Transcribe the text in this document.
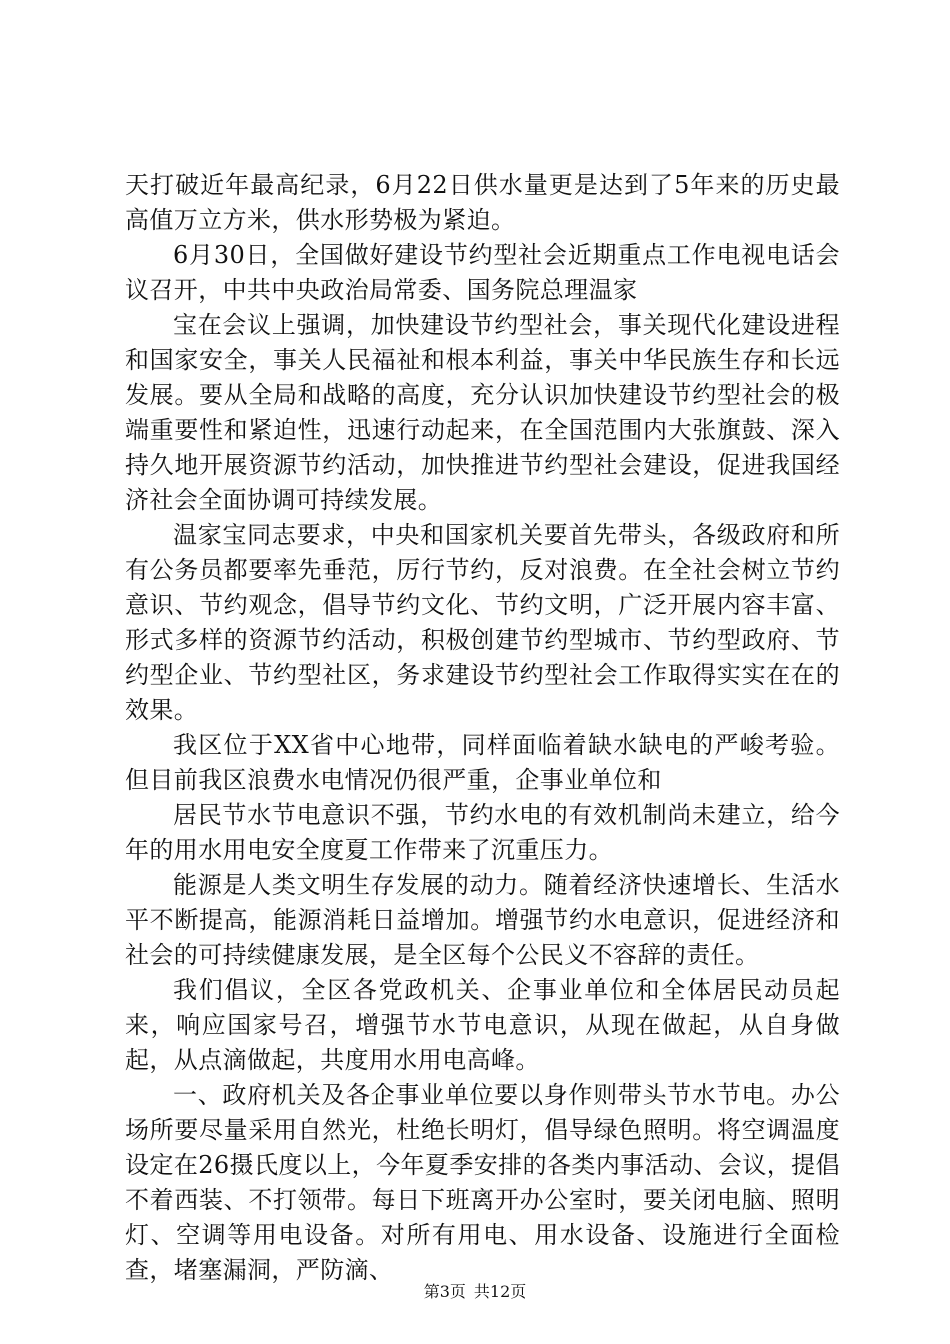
天打破近年最高纪录，6月22日供水量更是达到了5年来的历史最高值万立方米，供水形势极为紧迫。

6月30日，全国做好建设节约型社会近期重点工作电视电话会议召开，中共中央政治局常委、国务院总理温家

宝在会议上强调，加快建设节约型社会，事关现代化建设进程和国家安全，事关人民福祉和根本利益，事关中华民族生存和长远发展。要从全局和战略的高度，充分认识加快建设节约型社会的极端重要性和紧迫性，迅速行动起来，在全国范围内大张旗鼓、深入持久地开展资源节约活动，加快推进节约型社会建设，促进我国经济社会全面协调可持续发展。

温家宝同志要求，中央和国家机关要首先带头，各级政府和所有公务员都要率先垂范，厉行节约，反对浪费。在全社会树立节约意识、节约观念，倡导节约文化、节约文明，广泛开展内容丰富、形式多样的资源节约活动，积极创建节约型城市、节约型政府、节约型企业、节约型社区，务求建设节约型社会工作取得实实在在的效果。

我区位于XX省中心地带，同样面临着缺水缺电的严峻考验。但目前我区浪费水电情况仍很严重，企事业单位和

居民节水节电意识不强，节约水电的有效机制尚未建立，给今年的用水用电安全度夏工作带来了沉重压力。

能源是人类文明生存发展的动力。随着经济快速增长、生活水平不断提高，能源消耗日益增加。增强节约水电意识，促进经济和社会的可持续健康发展，是全区每个公民义不容辞的责任。

我们倡议，全区各党政机关、企事业单位和全体居民动员起来，响应国家号召，增强节水节电意识，从现在做起，从自身做起，从点滴做起，共度用水用电高峰。

一、政府机关及各企事业单位要以身作则带头节水节电。办公场所要尽量采用自然光，杜绝长明灯，倡导绿色照明。将空调温度设定在26摄氏度以上，今年夏季安排的各类内事活动、会议，提倡不着西装、不打领带。每日下班离开办公室时，要关闭电脑、照明灯、空调等用电设备。对所有用电、用水设备、设施进行全面检查，堵塞漏洞，严防滴、

第3页 共12页
